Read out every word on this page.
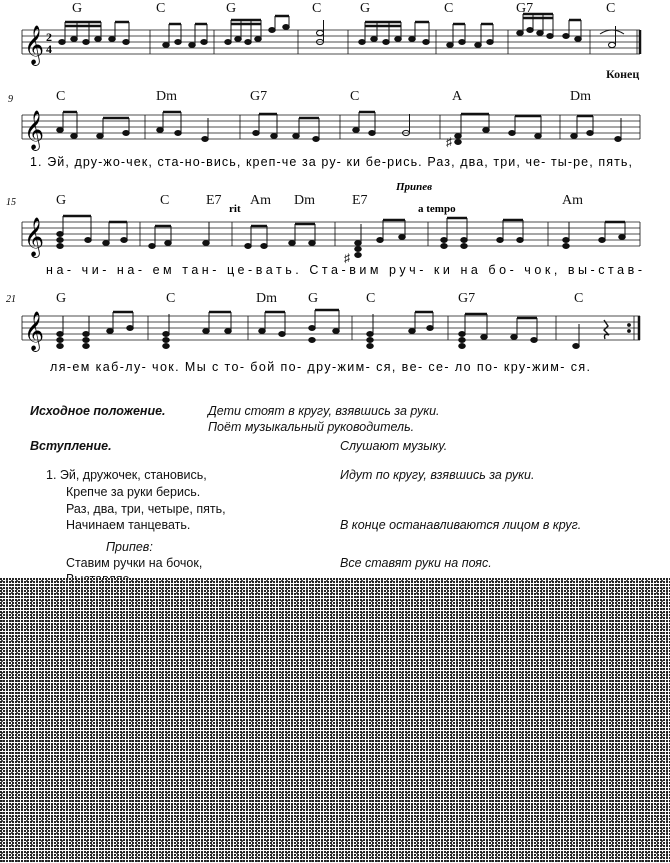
𝄞 2
4
𝄞	♯
𝄞
♯
𝄞
G	C	G	C	G	C	G7	C
Конец
9	C	Dm	G7	C	A	Dm
1. Эй, дру-жо-чек, ста-но-вись, креп-че за ру- ки бе-рись. Раз, два, три, че- ты-ре, пять,
15
Припев
rit	a tempo
G	C	E7 Am Dm	E7	Am
на- чи- на- ем тан- це-вать. Ста-вим руч- ки на бо- чок, вы-став-
21	G	C	Dm G	C	G7	C
ля-ем каб-лу- чок. Мы с то- бой по- дру-жим- ся, ве- се- ло по- кру-жим- ся.
Исходное положение.	Дети стоят в кругу, взявшись за руки.
Поёт музыкальный руководитель.
Вступление.	Слушают музыку.
1. Эй, дружочек, становись,	Идут по кругу, взявшись за руки.
Крепче за руки берись.
Раз, два, три, четыре, пять,
Начинаем танцевать.	В конце останавливаются лицом в круг.
Припев:
Ставим ручки на бочок,	Все ставят руки на пояс.
